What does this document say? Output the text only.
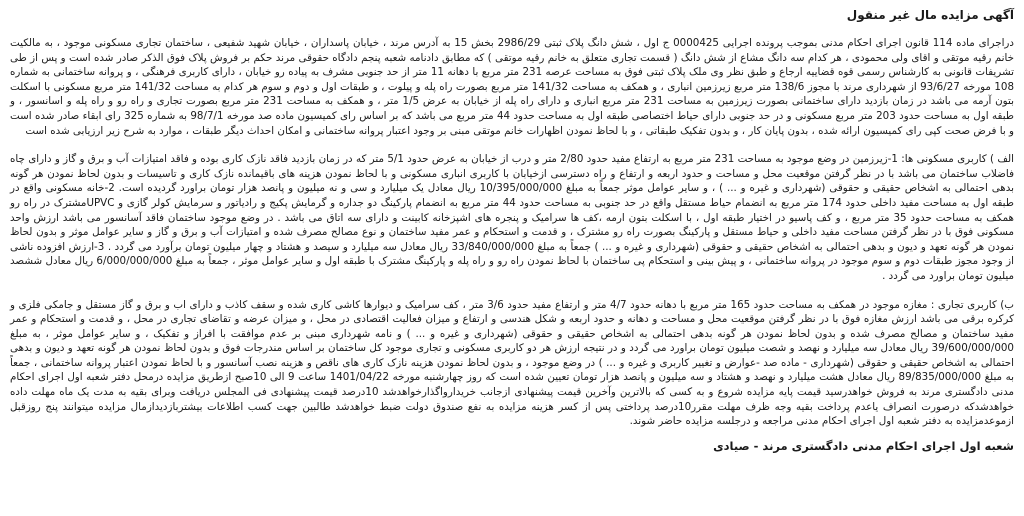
آگهی مزایده مال غیر منقول

دراجرای ماده 114 قانون اجرای احکام مدنی بموجب پرونده اجرایی 0000425 ج اول ، شش دانگ پلاک ثبتی 2986/29 بخش 15 به آدرس مرند ، خیابان پاسداران ، خیابان شهید شفیعی ، ساختمان تجاری مسکونی موجود ، به مالکیت خانم رقیه موتقی و اقای ولی محمودی ، هر کدام سه دانگ مشاع از شش دانگ ( قسمت تجاری متعلق به خانم رقیه موتقی ) که مطابق دادنامه شعبه پنجم دادگاه حقوقی مرند حکم بر فروش پلاک فوق الذکر صادر شده است و پس از طی تشریفات قانونی به کارشناس رسمی قوه قضاییه ارجاع و طبق نظر وی ملک پلاک ثبتی فوق به مساحت عرصه 231 متر مربع با دهانه 11 متر از حد جنوبی مشرف به پیاده رو خیابان ، دارای کاربری فرهنگی ، و پروانه ساختمانی به شماره 108 مورخه 93/6/27 از شهرداری مرند با مجوز 138/6 متر مربع زیرزمین انباری ، و همکف به مساحت 141/32 متر مربع بصورت راه پله و پیلوت ، و طبقات اول و دوم و سوم هر کدام به مساحت 141/32 متر مربع مسکونی با اسکلت بتون آرمه می باشد در زمان بازدید دارای ساختمانی بصورت زیرزمین به مساحت 231 متر مربع انباری و دارای راه پله از خیابان به عرض 1/5 متر ، و همکف به مساحت 231 متر مربع بصورت تجاری و راه رو و راه پله و اسانسور ، و طبقه اول به مساحت حدود 203 متر مربع مسکونی و در حد جنوبی دارای حیاط اختصاصی طبقه اول به مساحت حدود 44 متر مربع می باشد که بر اساس رای کمیسیون ماده صد مورخه 98/7/1 به شماره 325 رای ابقاء صادر شده است و با فرض صحت کپی رای کمیسیون ارائه شده ، بدون پایان کار ، و بدون تفکیک طبقاتی ، و با لحاظ نمودن اظهارات خانم موتقی مبنی بر وجود اعتبار پروانه ساختمانی و امکان احداث دیگر طبقات ، موارد به شرح زیر ارزیابی شده است

الف ) کاربری مسکونی ها: 1-زیرزمین در وضع موجود به مساحت 231 متر مربع به ارتفاع مفید حدود 2/80 متر و درب از خیابان به عرض حدود 5/1 متر که در زمان بازدید فاقد نازک کاری بوده و فاقد امتیازات آب و برق و گاز و دارای چاه فاضلاب ساختمان می باشد با در نظر گرفتن موقعیت محل و مساحت و حدود اربعه و ارتفاع و راه دسترسی ازخیابان با کاربری انباری مسکونی و با لحاظ نمودن هزینه های باقیمانده نازک کاری و تاسیسات و بدون لحاظ نمودن هر گونه بدهی احتمالی به اشخاص حقیقی و حقوقی (شهرداری و غیره و ... ) ، و سایر عوامل موثر جمعاً به مبلغ 10/395/000/000 ریال معادل یک میلیارد و سی و نه میلیون و پانصد هزار تومان براورد گردیده است. 2-خانه مسکونی واقع در طبقه اول به مساحت مفید داخلی حدود 174 متر مربع به انضمام حیاط مستقل واقع در حد جنوبی به مساحت حدود 44 متر مربع به انضمام پارکینگ دو جداره و گرمایش پکیج و رادیاتور و سرمایش کولر گازی و UPVCمشترک در راه رو همکف به مساحت حدود 35 متر مربع ، و کف پاسیو در اختیار طبقه اول ، با اسکلت بتون ارمه ،کف ها سرامیک و پنجره های اشپزخانه کابینت و دارای سه اتاق می باشد . در وضع موجود ساختمان فاقد آسانسور می باشد ارزش واحد مسکونی فوق با در نظر گرفتن مساحت مفید داخلی و حیاط مستقل و پارکینگ بصورت راه رو مشترک ، و قدمت و استحکام و عمر مفید ساختمان و نوع مصالح مصرف شده و امتیازات آب و برق و گاز و سایر عوامل موثر و بدون لحاظ نمودن هر گونه تعهد و دیون و بدهی احتمالی به اشخاص حقیقی و حقوقی (شهرداری و غیره و ... ) جمعاً به مبلغ 33/840/000/000 ریال معادل سه میلیارد و سیصد و هشتاد و چهار میلیون تومان برآورد می گردد . 3-ارزش افزوده ناشی از وجود مجوز طبقات دوم و سوم موجود در پروانه ساختمانی ، و پیش بینی و استحکام پی ساختمان با لحاظ نمودن راه رو و راه پله و پارکینگ مشترک با طبقه اول و سایر عوامل موثر ، جمعاً به مبلغ 6/000/000/000 ریال معادل ششصد میلیون تومان براورد می گردد .

ب) کاربری تجاری : مغازه موجود در همکف به مساحت حدود 165 متر مربع با دهانه حدود 4/7 متر و ارتفاع مفید حدود 3/6 متر ، کف سرامیک و دیوارها کاشی کاری شده و سقف کاذب و دارای اب و برق و گاز مستقل و جامکی فلزی و کرکره برقی می باشد ارزش مغازه فوق با در نظر گرفتن موقعیت محل و مساحت و دهانه و حدود اربعه و شکل هندسی و ارتفاع و میزان فعالیت اقتصادی در محل ، و میزان عرضه و تقاضای تجاری در محل ، و قدمت و استحکام و عمر مفید ساختمان و مصالح مصرف شده و بدون لحاظ نمودن هر گونه بدهی احتمالی به اشخاص حقیقی و حقوقی (شهرداری و غیره و ... ) و نامه شهرداری مبنی بر عدم موافقت با افراز و تفکیک ، و سایر عوامل موثر ، به مبلغ 39/600/000/000 ریال معادل سه میلیارد و نهصد و شصت میلیون تومان براورد می گردد و در نتیجه ارزش هر دو کاربری مسکونی و تجاری موجود کل ساختمان بر اساس مندرجات فوق و بدون لحاظ نمودن هر گونه تعهد و دیون و بدهی احتمالی به اشخاص حقیقی و حقوقی (شهرداری - ماده صد -عوارض و تغییر کاربری و غیره و ... ) در وضع موجود ، و بدون لحاظ نمودن هزینه نازک کاری های ناقص و هزینه نصب آسانسور و با لحاظ نمودن اعتبار پروانه ساختمانی ، جمعاً به مبلغ 89/835/000/000 ریال معادل هشت میلیارد و نهصد و هشتاد و سه میلیون و پانصد هزار تومان تعیین شده است که روز چهارشنبه مورخه 1401/04/22 ساعت 9 الی 10صبح ازطریق مزایده درمحل دفتر شعبه اول اجرای احکام مدنی دادگستری مرند به فروش خواهدرسید قیمت پایه مزایده شروع و به کسی که بالاترین وآخرین قیمت پیشنهادی ازجانب خریدارواگذارخواهدشد 10درصد قیمت پیشنهادی فی المجلس دریافت وبرای بقیه به مدت یک ماه مهلت داده خواهدشدکه درصورت انصراف یاعدم پرداخت بقیه وجه ظرف مهلت مقرر10درصد پرداختی پس از کسر هزینه مزایده به نفع صندوق دولت ضبط خواهدشد طالبین جهت کسب اطلاعات بیشتربازدیدازمال مزایده میتوانند پنج روزقبل ازموعدمزایده به دفتر شعبه اول اجرای احکام مدنی مراجعه و درجلسه مزایده حاضر شوند.

شعبه اول اجرای احکام مدنی دادگستری مرند - صیادی
